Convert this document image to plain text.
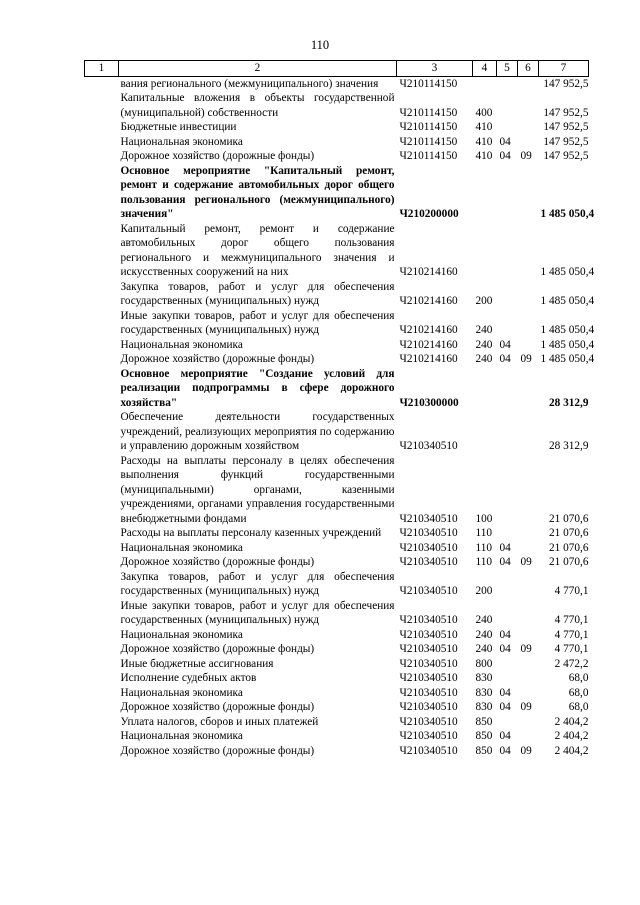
110
1	2	3	4	5	6	7
	вания регионального (межмуниципального) значения	Ч210114150				147 952,5
	Капитальные вложения в объекты государственной (муниципальной) собственности	Ч210114150	400			147 952,5
	Бюджетные инвестиции	Ч210114150	410			147 952,5
	Национальная экономика	Ч210114150	410	04		147 952,5
	Дорожное хозяйство (дорожные фонды)	Ч210114150	410	04	09	147 952,5
	Основное мероприятие "Капитальный ремонт, ремонт и содержание автомобильных дорог общего пользования регионального (межмуниципального) значения"	Ч210200000				1 485 050,4
	Капитальный ремонт, ремонт и содержание автомобильных дорог общего пользования регионального и межмуниципального значения и искусственных сооружений на них	Ч210214160				1 485 050,4
	Закупка товаров, работ и услуг для обеспечения государственных (муниципальных) нужд	Ч210214160	200			1 485 050,4
	Иные закупки товаров, работ и услуг для обеспечения государственных (муниципальных) нужд	Ч210214160	240			1 485 050,4
	Национальная экономика	Ч210214160	240	04		1 485 050,4
	Дорожное хозяйство (дорожные фонды)	Ч210214160	240	04	09	1 485 050,4
	Основное мероприятие "Создание условий для реализации подпрограммы в сфере дорожного хозяйства"	Ч210300000				28 312,9
	Обеспечение деятельности государственных учреждений, реализующих мероприятия по содержанию и управлению дорожным хозяйством	Ч210340510				28 312,9
	Расходы на выплаты персоналу в целях обеспечения выполнения функций государственными (муниципальными) органами, казенными учреждениями, органами управления государственными внебюджетными фондами	Ч210340510	100			21 070,6
	Расходы на выплаты персоналу казенных учреждений	Ч210340510	110			21 070,6
	Национальная экономика	Ч210340510	110	04		21 070,6
	Дорожное хозяйство (дорожные фонды)	Ч210340510	110	04	09	21 070,6
	Закупка товаров, работ и услуг для обеспечения государственных (муниципальных) нужд	Ч210340510	200			4 770,1
	Иные закупки товаров, работ и услуг для обеспечения государственных (муниципальных) нужд	Ч210340510	240			4 770,1
	Национальная экономика	Ч210340510	240	04		4 770,1
	Дорожное хозяйство (дорожные фонды)	Ч210340510	240	04	09	4 770,1
	Иные бюджетные ассигнования	Ч210340510	800			2 472,2
	Исполнение судебных актов	Ч210340510	830			68,0
	Национальная экономика	Ч210340510	830	04		68,0
	Дорожное хозяйство (дорожные фонды)	Ч210340510	830	04	09	68,0
	Уплата налогов, сборов и иных платежей	Ч210340510	850			2 404,2
	Национальная экономика	Ч210340510	850	04		2 404,2
	Дорожное хозяйство (дорожные фонды)	Ч210340510	850	04	09	2 404,2
